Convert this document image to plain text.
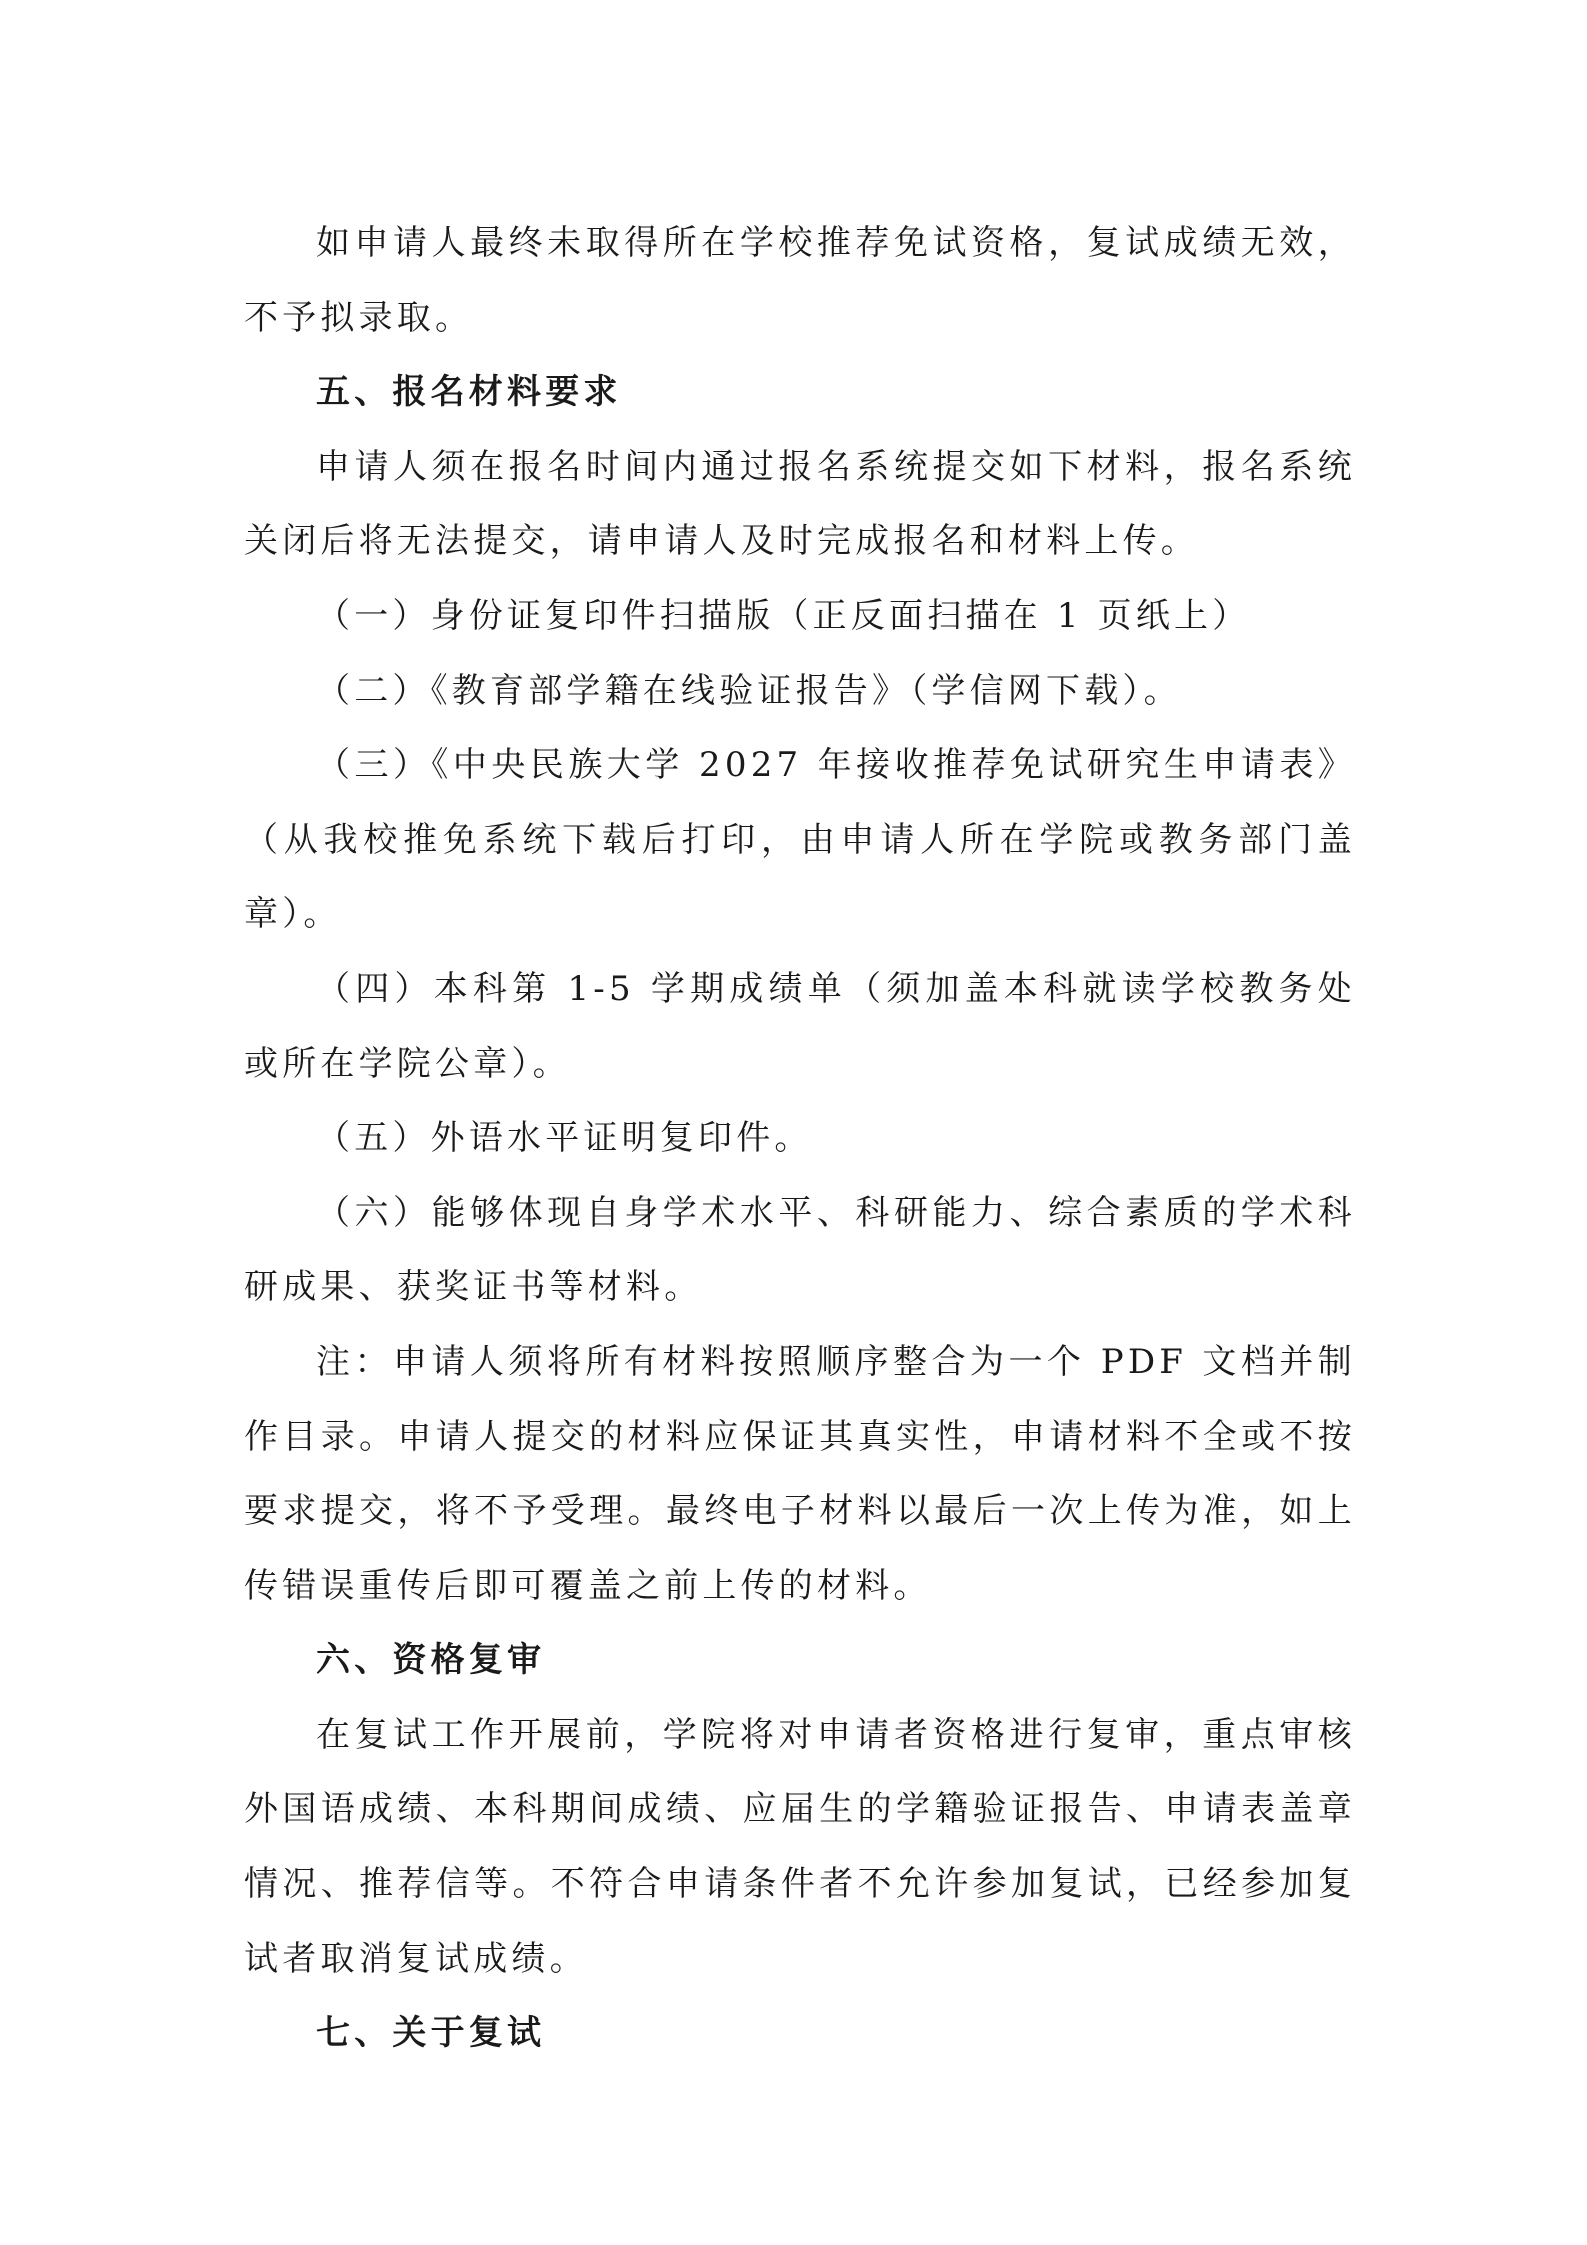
如申请人最终未取得所在学校推荐免试资格，复试成绩无效，不予拟录取。

五、报名材料要求

申请人须在报名时间内通过报名系统提交如下材料，报名系统关闭后将无法提交，请申请人及时完成报名和材料上传。

（一）身份证复印件扫描版（正反面扫描在 1 页纸上）

（二）《教育部学籍在线验证报告》（学信网下载）。

（三）《中央民族大学 2027 年接收推荐免试研究生申请表》（从我校推免系统下载后打印，由申请人所在学院或教务部门盖章）。

（四）本科第 1-5 学期成绩单（须加盖本科就读学校教务处或所在学院公章）。

（五）外语水平证明复印件。

（六）能够体现自身学术水平、科研能力、综合素质的学术科研成果、获奖证书等材料。

注：申请人须将所有材料按照顺序整合为一个 PDF 文档并制作目录。申请人提交的材料应保证其真实性，申请材料不全或不按要求提交，将不予受理。最终电子材料以最后一次上传为准，如上传错误重传后即可覆盖之前上传的材料。

六、资格复审

在复试工作开展前，学院将对申请者资格进行复审，重点审核外国语成绩、本科期间成绩、应届生的学籍验证报告、申请表盖章情况、推荐信等。不符合申请条件者不允许参加复试，已经参加复试者取消复试成绩。

七、关于复试
